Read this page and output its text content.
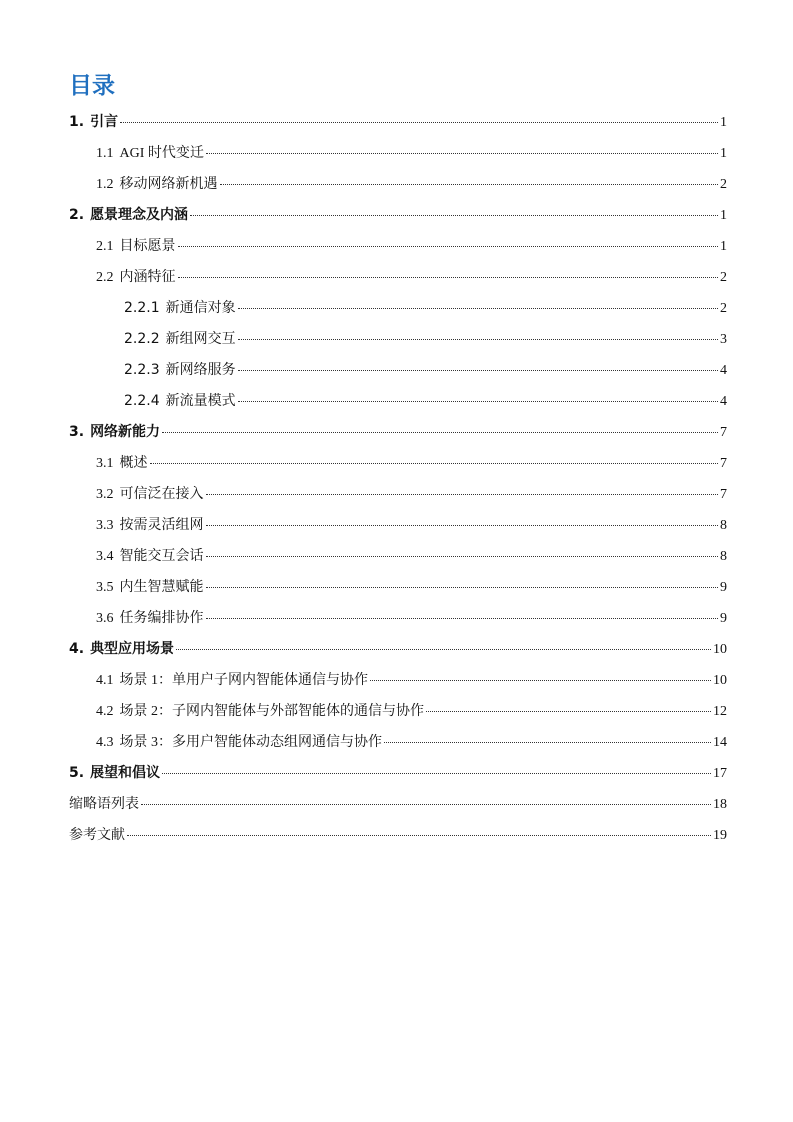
目录
1. 引言	1
1.1 AGI 时代变迁	1
1.2 移动网络新机遇	2
2. 愿景理念及内涵	1
2.1 目标愿景	1
2.2 内涵特征	2
2.2.1 新通信对象	2
2.2.2 新组网交互	3
2.2.3 新网络服务	4
2.2.4 新流量模式	4
3. 网络新能力	7
3.1 概述	7
3.2 可信泛在接入	7
3.3 按需灵活组网	8
3.4 智能交互会话	8
3.5 内生智慧赋能	9
3.6 任务编排协作	9
4. 典型应用场景	10
4.1 场景 1：单用户子网内智能体通信与协作	10
4.2 场景 2：子网内智能体与外部智能体的通信与协作	12
4.3 场景 3：多用户智能体动态组网通信与协作	14
5. 展望和倡议	17
缩略语列表	18
参考文献	19
